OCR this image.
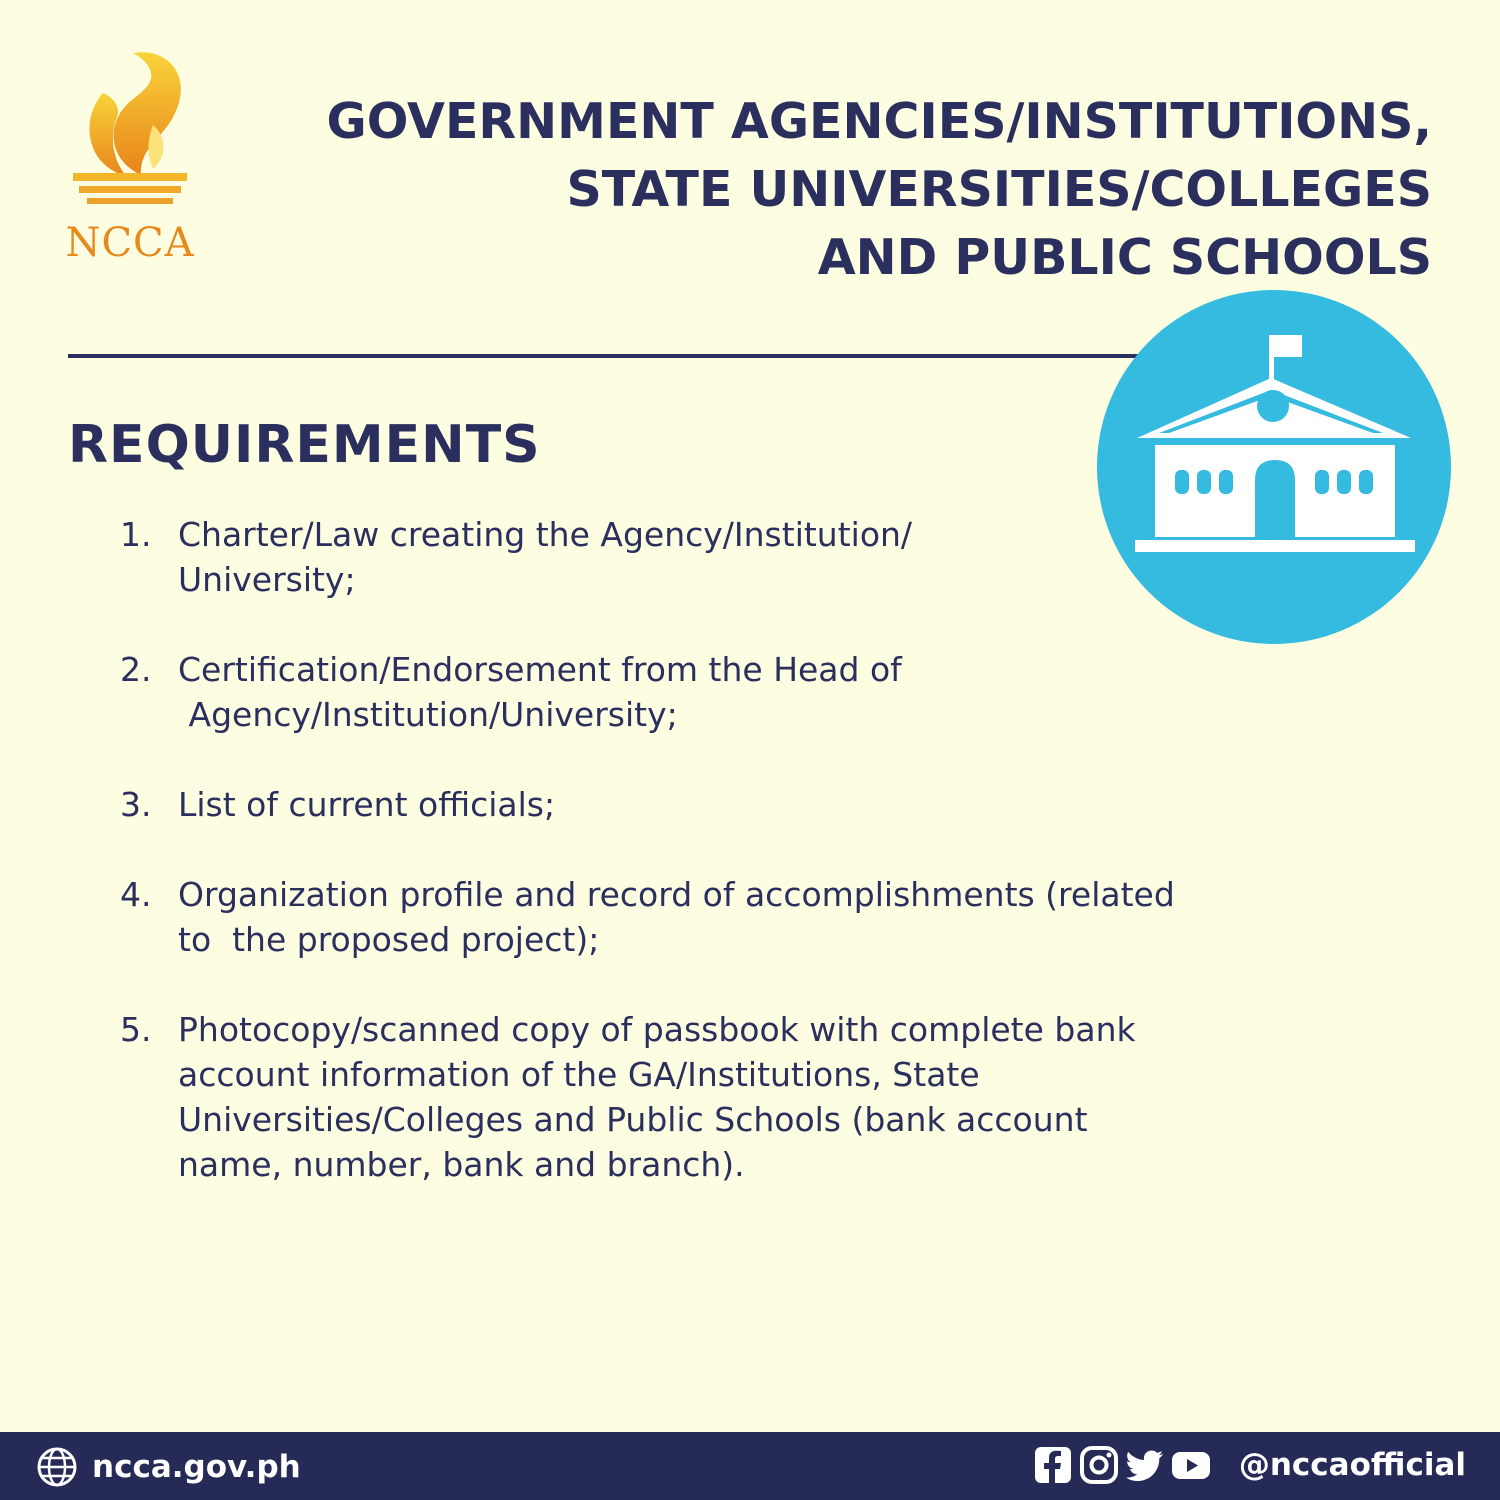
NCCA
GOVERNMENT AGENCIES/INSTITUTIONS,
STATE UNIVERSITIES/COLLEGES
AND PUBLIC SCHOOLS
REQUIREMENTS
1. Charter/Law creating the Agency/Institution/
University;
2. Certification/Endorsement from the Head of
Agency/Institution/University;
3. List of current officials;
4. Organization profile and record of accomplishments (related
to  the proposed project);
5. Photocopy/scanned copy of passbook with complete bank
account information of the GA/Institutions, State
Universities/Colleges and Public Schools (bank account
name, number, bank and branch).
ncca.gov.ph	@nccaofficial
